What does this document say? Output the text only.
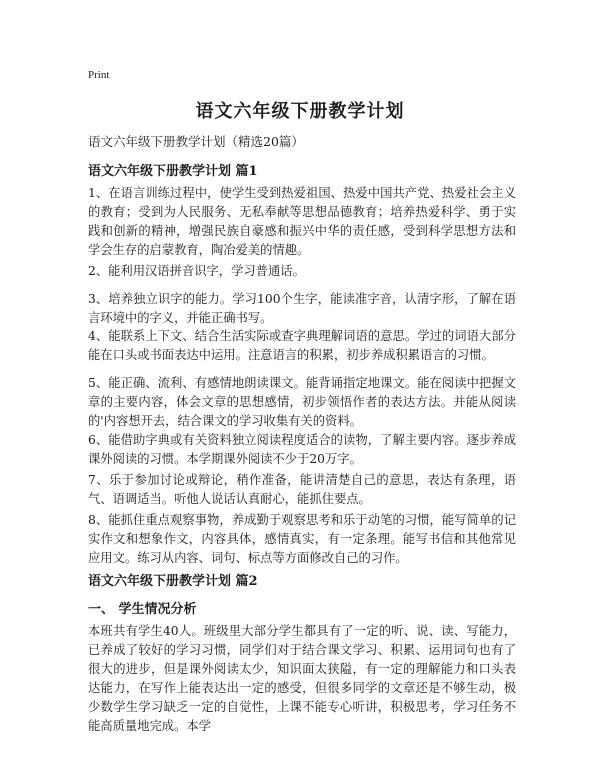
Print
语文六年级下册教学计划
语文六年级下册教学计划（精选20篇）
语文六年级下册教学计划 篇1
1、在语言训练过程中，使学生受到热爱祖国、热爱中国共产党、热爱社会主义的教育；受到为人民服务、无私奉献等思想品德教育；培养热爱科学、勇于实践和创新的精神，增强民族自豪感和振兴中华的责任感，受到科学思想方法和学会生存的启蒙教育，陶冶爱美的情趣。
2、能利用汉语拼音识字，学习普通话。
3、培养独立识字的能力。学习100个生字，能读准字音，认清字形，了解在语言环境中的字义，并能正确书写。
4、能联系上下文、结合生活实际或查字典理解词语的意思。学过的词语大部分能在口头或书面表达中运用。注意语言的积累，初步养成积累语言的习惯。
5、能正确、流利、有感情地朗读课文。能背诵指定地课文。能在阅读中把握文章的主要内容，体会文章的思想感情，初步领悟作者的表达方法。并能从阅读的'内容想开去，结合课文的学习收集有关的资料。
6、能借助字典或有关资料独立阅读程度适合的读物，了解主要内容。逐步养成课外阅读的习惯。本学期课外阅读不少于20万字。
7、乐于参加讨论或辩论，稍作准备，能讲清楚自己的意思，表达有条理，语气、语调适当。听他人说话认真耐心，能抓住要点。
8、能抓住重点观察事物，养成勤于观察思考和乐于动笔的习惯，能写简单的记实作文和想象作文，内容具体，感情真实，有一定条理。能写书信和其他常见应用文。练习从内容、词句、标点等方面修改自己的习作。
语文六年级下册教学计划 篇2
一、 学生情况分析
本班共有学生40人。班级里大部分学生都具有了一定的听、说、读、写能力，已养成了较好的学习习惯，同学们对于结合课文学习、积累、运用词句也有了很大的进步，但是课外阅读太少，知识面太狭隘，有一定的理解能力和口头表达能力，在写作上能表达出一定的感受，但很多同学的文章还是不够生动，极少数学生学习缺乏一定的自觉性，上课不能专心听讲，积极思考，学习任务不能高质量地完成。本学
